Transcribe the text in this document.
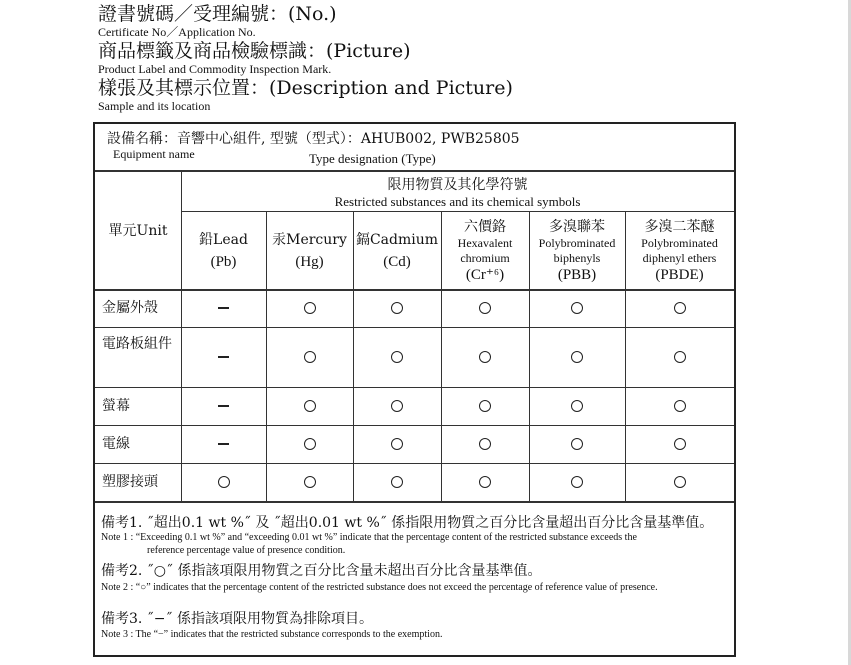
證書號碼／受理編號：(No.)
Certificate No／Application No.
商品標籤及商品檢驗標識：(Picture)
Product Label and Commodity Inspection Mark.
樣張及其標示位置：(Description and Picture)
Sample and its location
設備名稱：音響中心組件, 型號（型式）：AHUB002, PWB25805
Equipment name	Type designation (Type)
單元Unit
限用物質及其化學符號
Restricted substances and its chemical symbols
鉛Lead
(Pb)
汞Mercury
(Hg)
鎘Cadmium
(Cd)
六價鉻
Hexavalent chromium
(Cr⁺⁶)
多溴聯苯
Polybrominated biphenyls
(PBB)
多溴二苯醚
Polybrominated diphenyl ethers
(PBDE)
金屬外殼
電路板組件
螢幕
電線
塑膠接頭
備考1. ˝超出0.1 wt %˝ 及 ˝超出0.01 wt %˝ 係指限用物質之百分比含量超出百分比含量基準值。
Note 1 : “Exceeding 0.1 wt %” and “exceeding 0.01 wt %” indicate that the percentage content of the restricted substance exceeds the
reference percentage value of presence condition.
備考2. ˝○˝ 係指該項限用物質之百分比含量未超出百分比含量基準值。
Note 2 : “○” indicates that the percentage content of the restricted substance does not exceed the percentage of reference value of presence.
備考3. ˝−˝ 係指該項限用物質為排除項目。
Note 3 : The “−” indicates that the restricted substance corresponds to the exemption.
